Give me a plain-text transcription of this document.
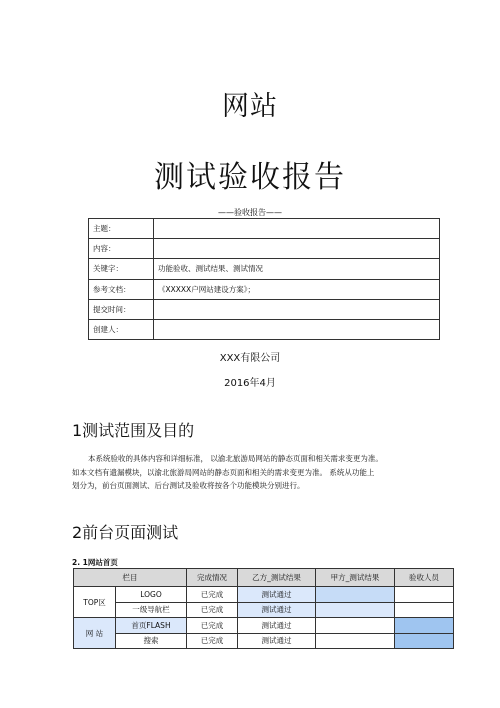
网站
测试验收报告
——验收报告——
主题：	
内容：	
关键字：	功能验收、测试结果、测试情况
参考文档：	《XXXXX户网站建设方案》；
提交时间：	
创建人：	
XXX有限公司
2016年4月
1测试范围及目的

本系统验收的具体内容和详细标准， 以渝北旅游局网站的静态页面和相关需求变更为准。

如本文档有遗漏模块，以渝北旅游局网站的静态页面和相关的需求变更为准。 系统从功能上

划分为，前台页面测试、后台测试及验收将按各个功能模块分别进行。

2前台页面测试
2. 1网站首页
栏目		完成情况	乙方_测试结果	甲方_测试结果	验收人员
TOP区	LOGO	已完成	测试通过		
	一级导航栏	已完成	测试通过		
网 站	首页FLASH	已完成	测试通过		
	搜索	已完成	测试通过		
